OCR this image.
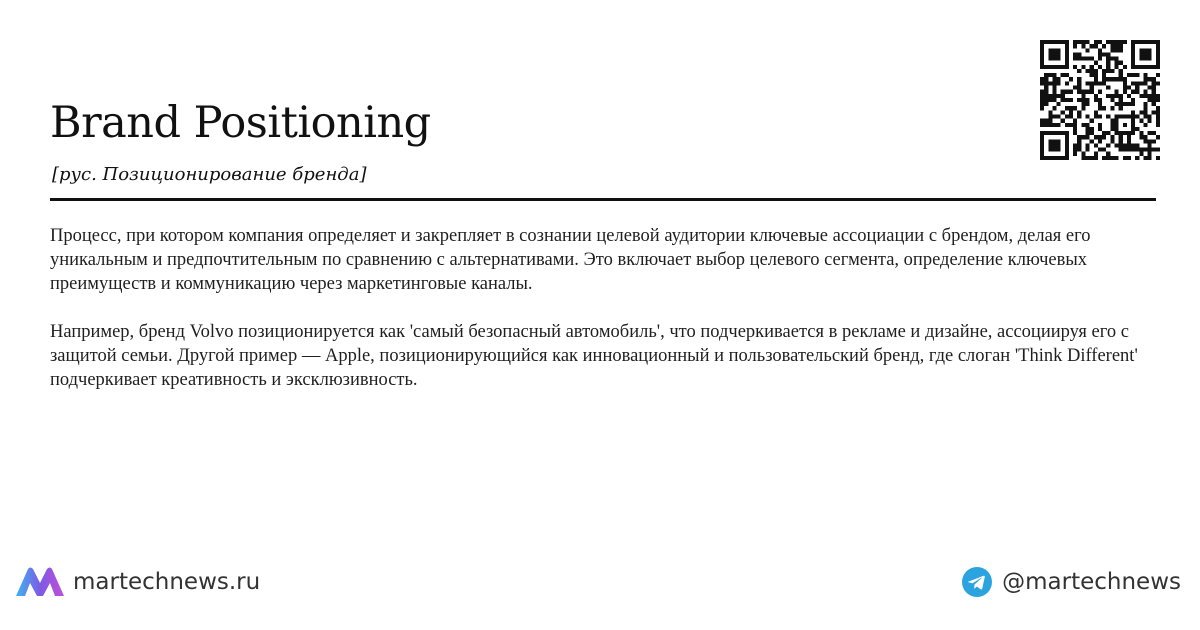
Brand Positioning
[рус. Позиционирование бренда]

Процесс, при котором компания определяет и закрепляет в сознании целевой аудитории ключевые ассоциации с брендом, делая его уникальным и предпочтительным по сравнению с альтернативами. Это включает выбор целевого сегмента, определение ключевых преимуществ и коммуникацию через маркетинговые каналы.

Например, бренд Volvo позиционируется как 'самый безопасный автомобиль', что подчеркивается в рекламе и дизайне, ассоциируя его с защитой семьи. Другой пример — Apple, позиционирующийся как инновационный и пользовательский бренд, где слоган 'Think Different' подчеркивает креативность и эксклюзивность.

martechnews.ru	@martechnews
